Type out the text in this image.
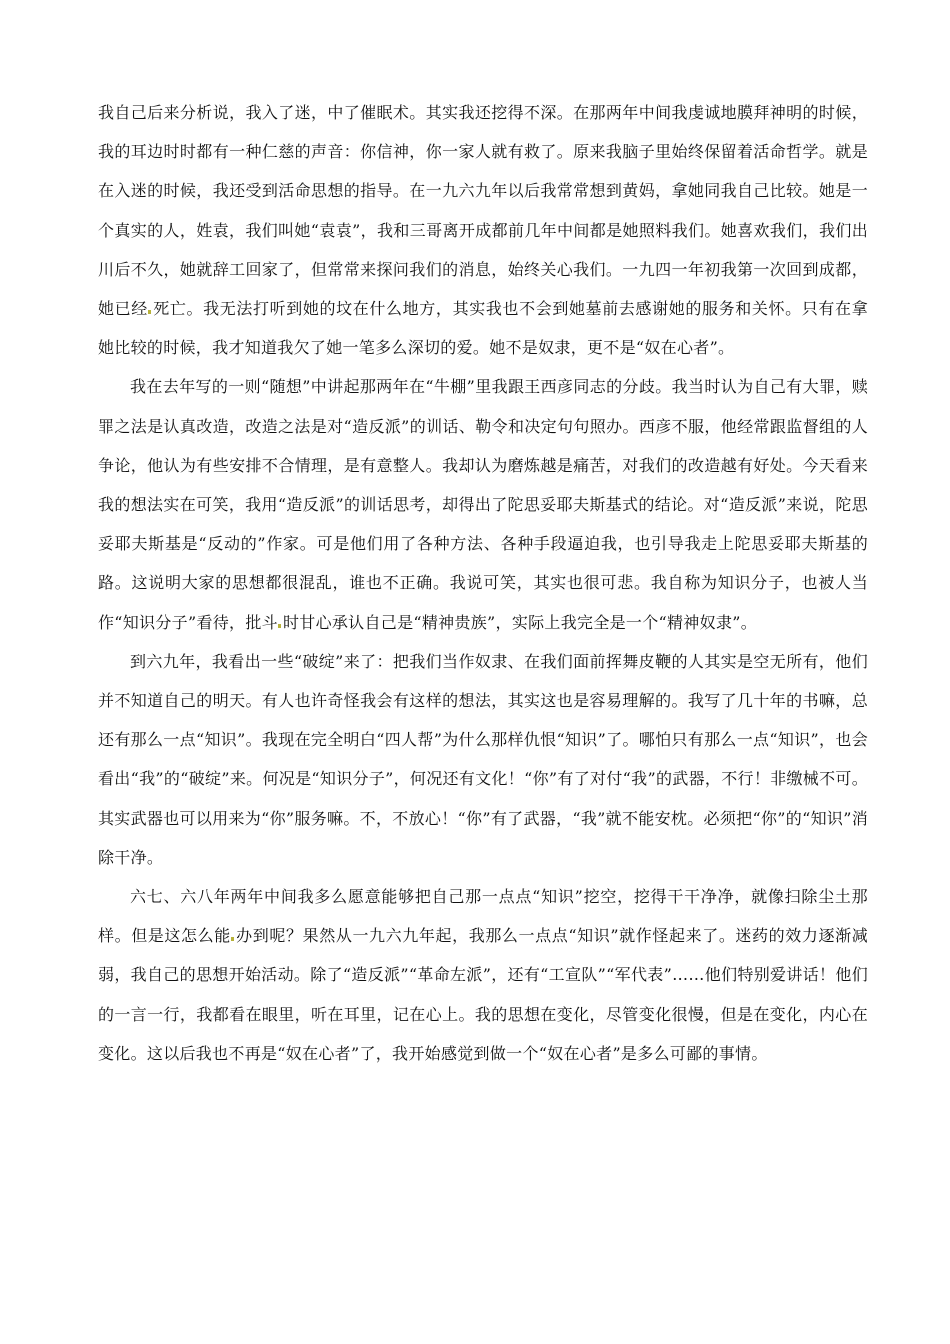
我自己后来分析说，我入了迷，中了催眠术。其实我还挖得不深。在那两年中间我虔诚地膜拜神明的时候，我的耳边时时都有一种仁慈的声音：你信神，你一家人就有救了。原来我脑子里始终保留着活命哲学。就是在入迷的时候，我还受到活命思想的指导。在一九六九年以后我常常想到黄妈，拿她同我自己比较。她是一个真实的人，姓袁，我们叫她“袁袁”，我和三哥离开成都前几年中间都是她照料我们。她喜欢我们，我们出川后不久，她就辞工回家了，但常常来探问我们的消息，始终关心我们。一九四一年初我第一次回到成都，她已经 死亡。我无法打听到她的坟在什么地方，其实我也不会到她墓前去感谢她的服务和关怀。只有在拿她比较的时候，我才知道我欠了她一笔多么深切的爱。她不是奴隶，更不是“奴在心者”。

我在去年写的一则“随想”中讲起那两年在“牛棚”里我跟王西彦同志的分歧。我当时认为自己有大罪，赎罪之法是认真改造，改造之法是对“造反派”的训话、勒令和决定句句照办。西彦不服，他经常跟监督组的人争论，他认为有些安排不合情理，是有意整人。我却认为磨炼越是痛苦，对我们的改造越有好处。今天看来我的想法实在可笑，我用“造反派”的训话思考，却得出了陀思妥耶夫斯基式的结论。对“造反派”来说，陀思妥耶夫斯基是“反动的”作家。可是他们用了各种方法、各种手段逼迫我，也引导我走上陀思妥耶夫斯基的路。这说明大家的思想都很混乱，谁也不正确。我说可笑，其实也很可悲。我自称为知识分子，也被人当作“知识分子”看待，批斗 时甘心承认自己是“精神贵族”，实际上我完全是一个“精神奴隶”。

到六九年，我看出一些“破绽”来了：把我们当作奴隶、在我们面前挥舞皮鞭的人其实是空无所有，他们并不知道自己的明天。有人也许奇怪我会有这样的想法，其实这也是容易理解的。我写了几十年的书嘛，总还有那么一点“知识”。我现在完全明白“四人帮”为什么那样仇恨“知识”了。哪怕只有那么一点“知识”，也会看出“我”的“破绽”来。何况是“知识分子”，何况还有文化！“你”有了对付“我”的武器，不行！非缴械不可。其实武器也可以用来为“你”服务嘛。不，不放心！“你”有了武器，“我”就不能安枕。必须把“你”的“知识”消除干净。

六七、六八年两年中间我多么愿意能够把自己那一点点“知识”挖空，挖得干干净净，就像扫除尘土那样。但是这怎么能 办到呢？果然从一九六九年起，我那么一点点“知识”就作怪起来了。迷药的效力逐渐减弱，我自己的思想开始活动。除了“造反派”“革命左派”，还有“工宣队”“军代表”……他们特别爱讲话！他们的一言一行，我都看在眼里，听在耳里，记在心上。我的思想在变化，尽管变化很慢，但是在变化，内心在变化。这以后我也不再是“奴在心者”了，我开始感觉到做一个“奴在心者”是多么可鄙的事情。
